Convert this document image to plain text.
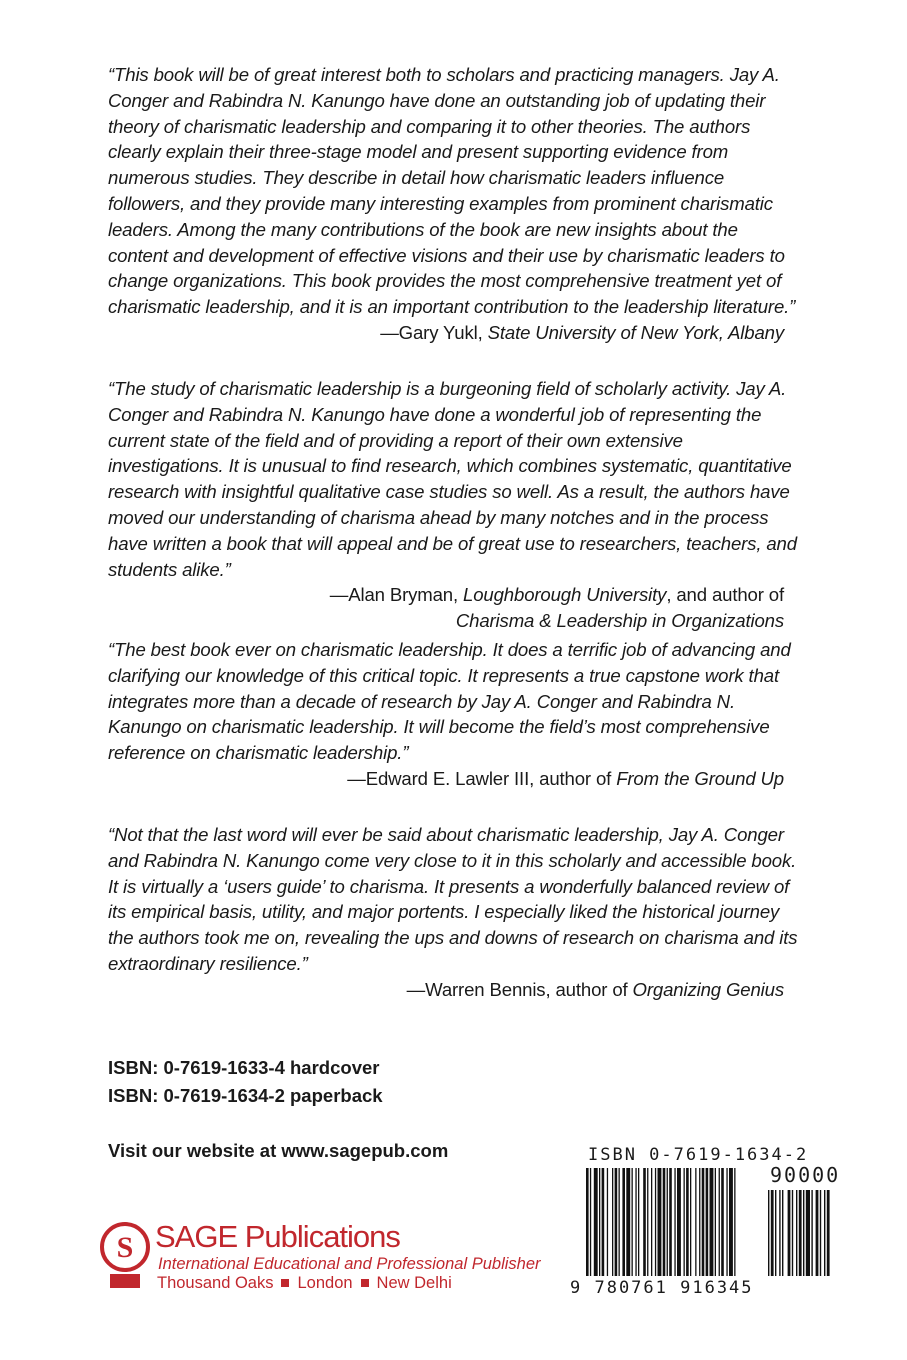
“This book will be of great interest both to scholars and practicing managers. Jay A. Conger and Rabindra N. Kanungo have done an outstanding job of updating their theory of charismatic leadership and comparing it to other theories. The authors clearly explain their three-stage model and present supporting evidence from numerous studies. They describe in detail how charismatic leaders influence followers, and they provide many interesting examples from prominent charismatic leaders. Among the many contributions of the book are new insights about the content and development of effective visions and their use by charismatic leaders to change organizations. This book provides the most comprehensive treatment yet of charismatic leadership, and it is an important contribution to the leadership literature.”

—Gary Yukl, State University of New York, Albany

“The study of charismatic leadership is a burgeoning field of scholarly activity. Jay A. Conger and Rabindra N. Kanungo have done a wonderful job of representing the current state of the field and of providing a report of their own extensive investigations. It is unusual to find research, which combines systematic, quantitative research with insightful qualitative case studies so well. As a result, the authors have moved our understanding of charisma ahead by many notches and in the process have written a book that will appeal and be of great use to researchers, teachers, and students alike.”

—Alan Bryman, Loughborough University, and author of
Charisma & Leadership in Organizations

“The best book ever on charismatic leadership. It does a terrific job of advancing and clarifying our knowledge of this critical topic. It represents a true capstone work that integrates more than a decade of research by Jay A. Conger and Rabindra N. Kanungo on charismatic leadership. It will become the field’s most comprehensive reference on charismatic leadership.”

—Edward E. Lawler III, author of From the Ground Up

“Not that the last word will ever be said about charismatic leadership, Jay A. Conger and Rabindra N. Kanungo come very close to it in this scholarly and accessible book. It is virtually a ‘users guide’ to charisma. It presents a wonderfully balanced review of its empirical basis, utility, and major portents. I especially liked the historical journey the authors took me on, revealing the ups and downs of research on charisma and its extraordinary resilience.”

—Warren Bennis, author of Organizing Genius
ISBN: 0-7619-1633-4 hardcover
ISBN: 0-7619-1634-2 paperback
Visit our website at www.sagepub.com
S SAGE Publications
International Educational and Professional Publisher
Thousand Oaks London New Delhi
ISBN 0-7619-1634-2
90000
9 780761 916345
